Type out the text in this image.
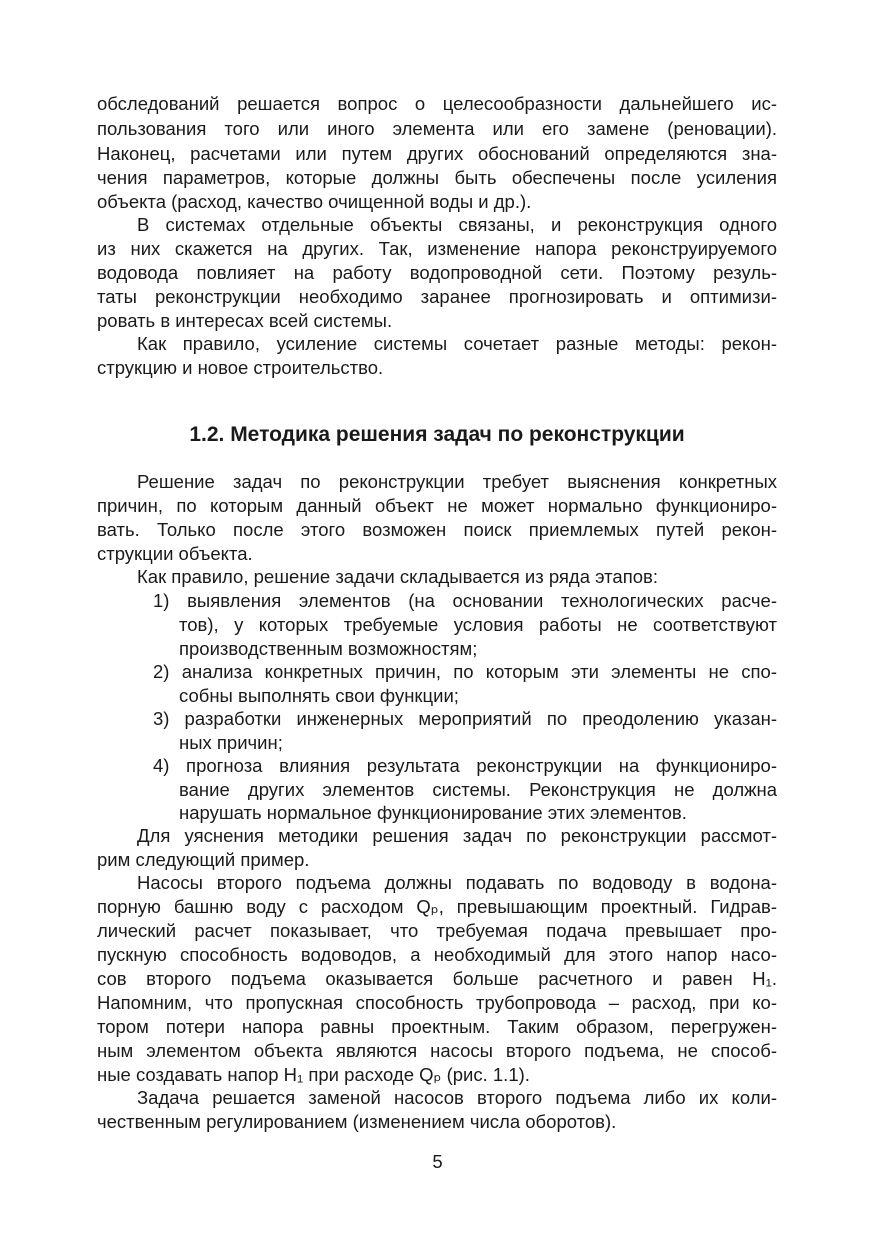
обследований решается вопрос о целесообразности дальнейшего ис-
пользования того или иного элемента или его замене (реновации).
Наконец, расчетами или путем других обоснований определяются зна-
чения параметров, которые должны быть обеспечены после усиления
объекта (расход, качество очищенной воды и др.).
В системах отдельные объекты связаны, и реконструкция одного
из них скажется на других. Так, изменение напора реконструируемого
водовода повлияет на работу водопроводной сети. Поэтому резуль-
таты реконструкции необходимо заранее прогнозировать и оптимизи-
ровать в интересах всей системы.
Как правило, усиление системы сочетает разные методы: рекон-
струкцию и новое строительство.
1.2. Методика решения задач по реконструкции
Решение задач по реконструкции требует выяснения конкретных
причин, по которым данный объект не может нормально функциониро-
вать. Только после этого возможен поиск приемлемых путей рекон-
струкции объекта.
Как правило, решение задачи складывается из ряда этапов:
1) выявления элементов (на основании технологических расче-
тов), у которых требуемые условия работы не соответствуют
производственным возможностям;
2) анализа конкретных причин, по которым эти элементы не спо-
собны выполнять свои функции;
3) разработки инженерных мероприятий по преодолению указан-
ных причин;
4) прогноза влияния результата реконструкции на функциониро-
вание других элементов системы. Реконструкция не должна
нарушать нормальное функционирование этих элементов.
Для уяснения методики решения задач по реконструкции рассмот-
рим следующий пример.
Насосы второго подъема должны подавать по водоводу в водона-
порную башню воду с расходом Qₚ, превышающим проектный. Гидрав-
лический расчет показывает, что требуемая подача превышает про-
пускную способность водоводов, а необходимый для этого напор насо-
сов второго подъема оказывается больше расчетного и равен H₁.
Напомним, что пропускная способность трубопровода – расход, при ко-
тором потери напора равны проектным. Таким образом, перегружен-
ным элементом объекта являются насосы второго подъема, не способ-
ные создавать напор H₁ при расходе Qₚ (рис. 1.1).
Задача решается заменой насосов второго подъема либо их коли-
чественным регулированием (изменением числа оборотов).
5
